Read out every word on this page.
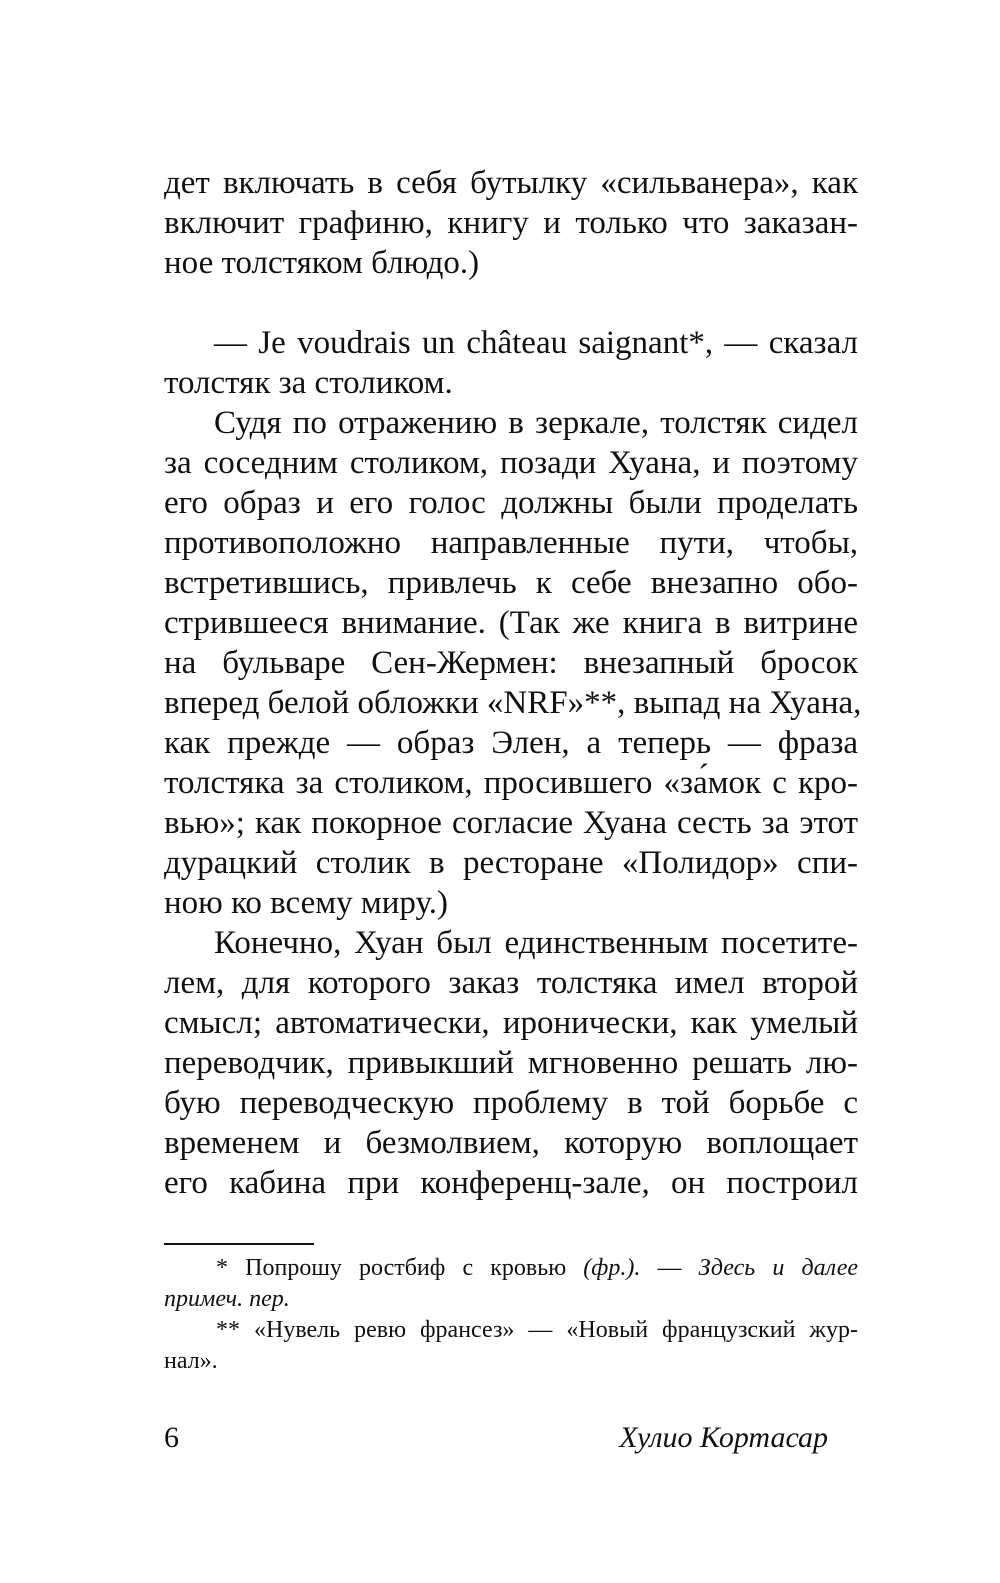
дет включать в себя бутылку «сильванера», как
включит графиню, книгу и только что заказан-
ное толстяком блюдо.)
— Je voudrais un château saignant*, — сказал
толстяк за столиком.
Судя по отражению в зеркале, толстяк сидел
за соседним столиком, позади Хуана, и поэтому
его образ и его голос должны были проделать
противоположно направленные пути, чтобы,
встретившись, привлечь к себе внезапно обо-
стрившееся внимание. (Так же книга в витрине
на бульваре Сен-Жермен: внезапный бросок
вперед белой обложки «NRF»**, выпад на Хуана,
как прежде — образ Элен, а теперь — фраза
толстяка за столиком, просившего «за́мок с кро-
вью»; как покорное согласие Хуана сесть за этот
дурацкий столик в ресторане «Полидор» спи-
ною ко всему миру.)
Конечно, Хуан был единственным посетите-
лем, для которого заказ толстяка имел второй
смысл; автоматически, иронически, как умелый
переводчик, привыкший мгновенно решать лю-
бую переводческую проблему в той борьбе с
временем и безмолвием, которую воплощает
его кабина при конференц-зале, он построил
* Попрошу ростбиф с кровью (фр.). — Здесь и далее
примеч. пер.
** «Нувель ревю франсез» — «Новый французский жур-
нал».
6	Хулио Кортасар
